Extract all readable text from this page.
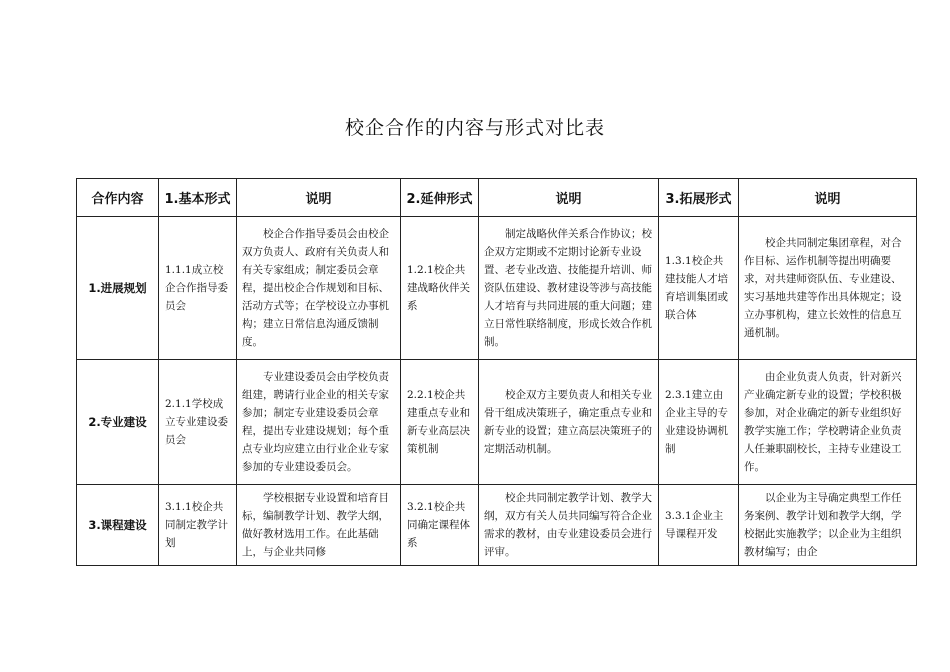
校企合作的内容与形式对比表
合作内容	1.基本形式	说明	2.延伸形式	说明	3.拓展形式	说明
1.进展规划	1.1.1成立校企合作指导委员会	校企合作指导委员会由校企双方负责人、政府有关负责人和有关专家组成；制定委员会章程，提出校企合作规划和目标、活动方式等；在学校设立办事机构；建立日常信息沟通反馈制度。	1.2.1校企共建战略伙伴关系	制定战略伙伴关系合作协议；校企双方定期或不定期讨论新专业设置、老专业改造、技能提升培训、师资队伍建设、教材建设等涉与高技能人才培育与共同进展的重大问题；建立日常性联络制度，形成长效合作机制。	1.3.1校企共建技能人才培育培训集团或联合体	校企共同制定集团章程，对合作目标、运作机制等提出明确要求，对共建师资队伍、专业建设、实习基地共建等作出具体规定；设立办事机构，建立长效性的信息互通机制。
2.专业建设	2.1.1学校成立专业建设委员会	专业建设委员会由学校负责组建，聘请行业企业的相关专家参加；制定专业建设委员会章程，提出专业建设规划；每个重点专业均应建立由行业企业专家参加的专业建设委员会。	2.2.1校企共建重点专业和新专业高层决策机制	校企双方主要负责人和相关专业骨干组成决策班子，确定重点专业和新专业的设置；建立高层决策班子的定期活动机制。	2.3.1建立由企业主导的专业建设协调机制	由企业负责人负责，针对新兴产业确定新专业的设置；学校积极参加，对企业确定的新专业组织好教学实施工作；学校聘请企业负责人任兼职副校长，主持专业建设工作。
3.课程建设	3.1.1校企共同制定教学计划	学校根据专业设置和培育目标，编制教学计划、教学大纲，做好教材选用工作。在此基础上，与企业共同修	3.2.1校企共同确定课程体系	校企共同制定教学计划、教学大纲，双方有关人员共同编写符合企业需求的教材，由专业建设委员会进行评审。	3.3.1企业主导课程开发	以企业为主导确定典型工作任务案例、教学计划和教学大纲，学校据此实施教学；以企业为主组织教材编写；由企
